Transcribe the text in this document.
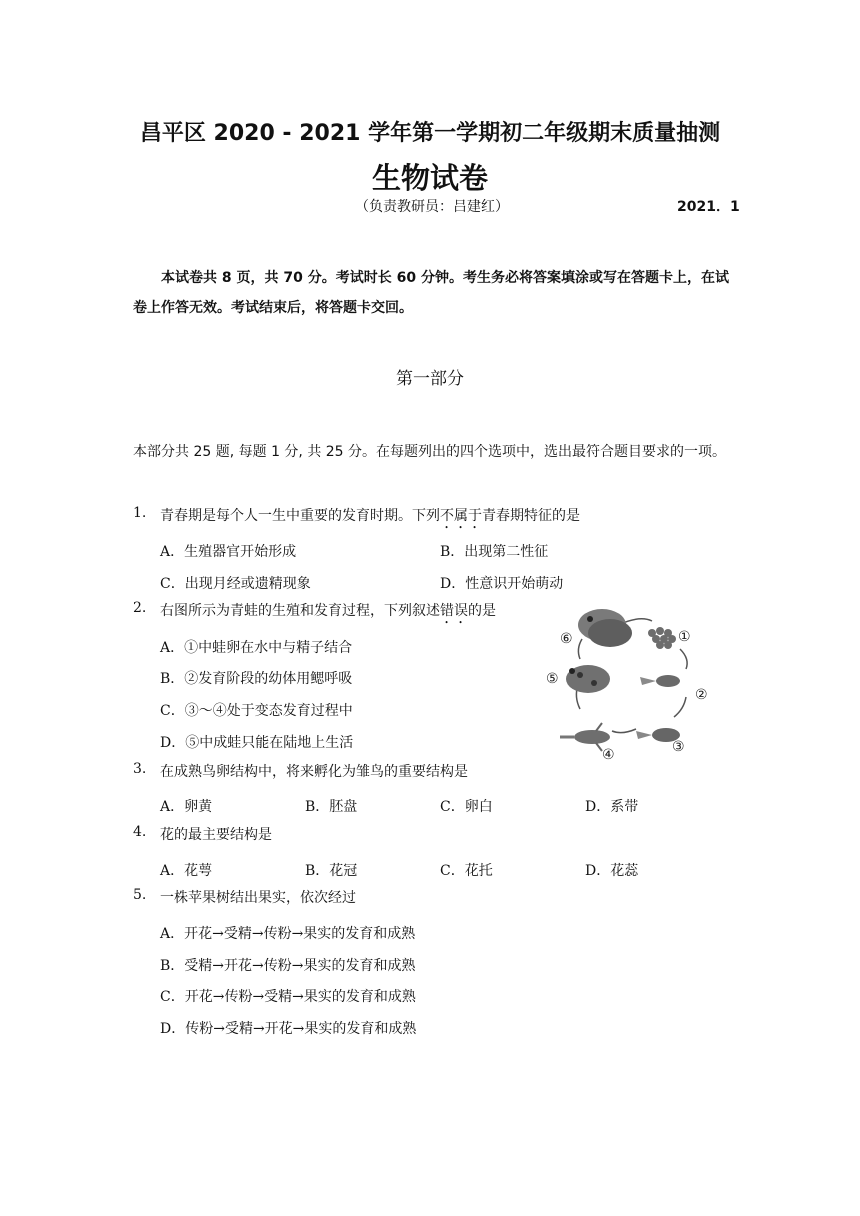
昌平区 2020 - 2021 学年第一学期初二年级期末质量抽测
生物试卷
（负责教研员：吕建红）	2021．1
本试卷共 8 页，共 70 分。考试时长 60 分钟。考生务必将答案填涂或写在答题卡上，在试卷上作答无效。考试结束后，将答题卡交回。
第一部分
本部分共 25 题, 每题 1 分, 共 25 分。在每题列出的四个选项中，选出最符合题目要求的一项。
1. 青春期是每个人一生中重要的发育时期。下列不属于青春期特征的是
A．生殖器官开始形成	B．出现第二性征
C．出现月经或遗精现象	D．性意识开始萌动
2. 右图所示为青蛙的生殖和发育过程，下列叙述错误的是
A．①中蛙卵在水中与精子结合
B．②发育阶段的幼体用鳃呼吸
C．③～④处于变态发育过程中
D．⑤中成蛙只能在陆地上生活
①
②
③
④
⑤
⑥
3. 在成熟鸟卵结构中，将来孵化为雏鸟的重要结构是
A．卵黄	B．胚盘	C．卵白	D．系带
4. 花的最主要结构是
A．花萼	B．花冠	C．花托	D．花蕊
5. 一株苹果树结出果实，依次经过
A．开花→受精→传粉→果实的发育和成熟
B．受精→开花→传粉→果实的发育和成熟
C．开花→传粉→受精→果实的发育和成熟
D．传粉→受精→开花→果实的发育和成熟
